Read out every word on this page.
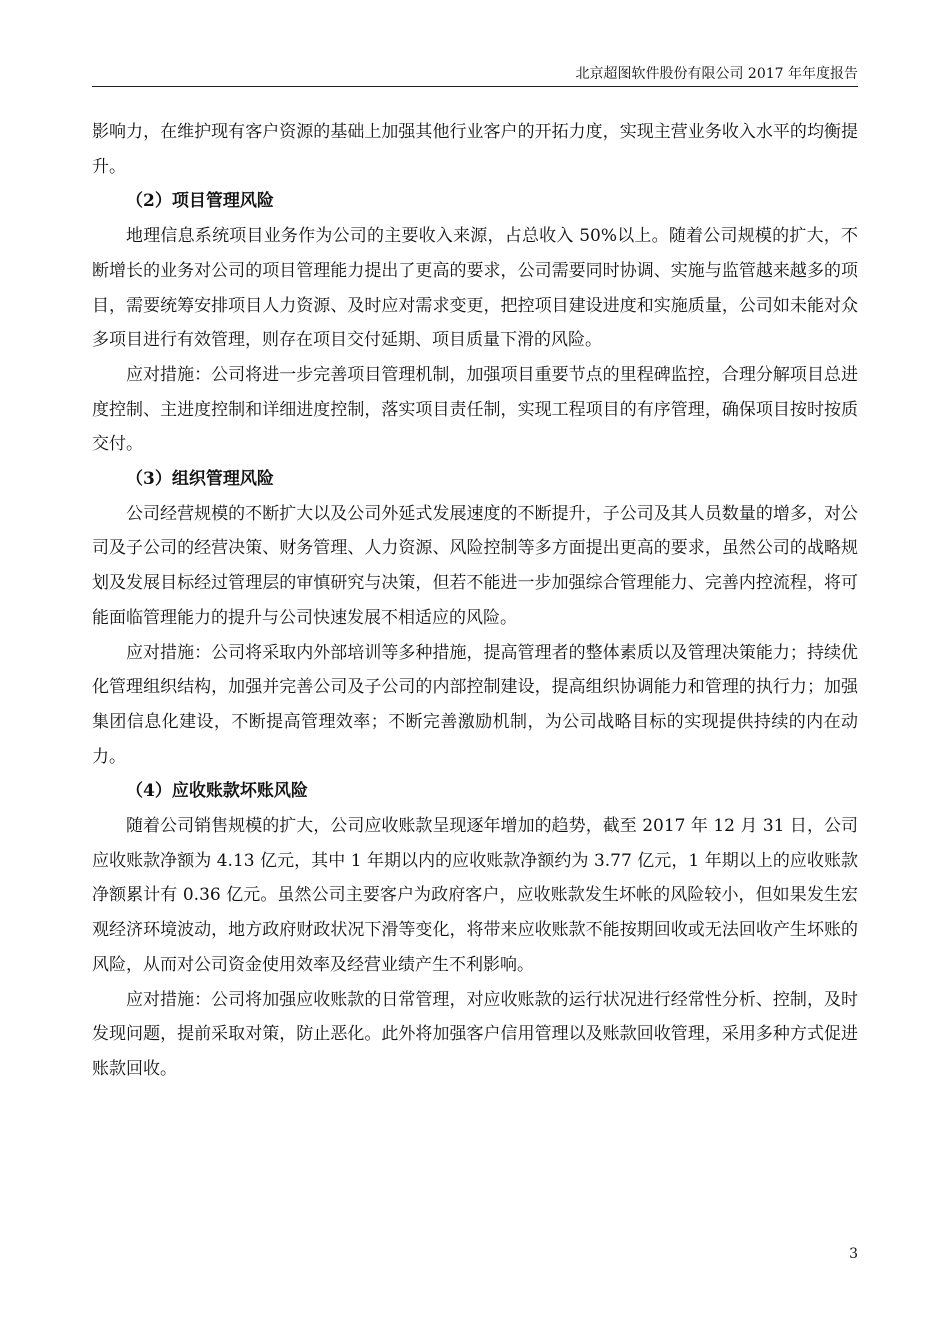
北京超图软件股份有限公司 2017 年年度报告

影响力，在维护现有客户资源的基础上加强其他行业客户的开拓力度，实现主营业务收入水平的均衡提升。

（2）项目管理风险

地理信息系统项目业务作为公司的主要收入来源，占总收入 50%以上。随着公司规模的扩大，不断增长的业务对公司的项目管理能力提出了更高的要求，公司需要同时协调、实施与监管越来越多的项目，需要统筹安排项目人力资源、及时应对需求变更，把控项目建设进度和实施质量，公司如未能对众多项目进行有效管理，则存在项目交付延期、项目质量下滑的风险。

应对措施：公司将进一步完善项目管理机制，加强项目重要节点的里程碑监控，合理分解项目总进度控制、主进度控制和详细进度控制，落实项目责任制，实现工程项目的有序管理，确保项目按时按质交付。

（3）组织管理风险

公司经营规模的不断扩大以及公司外延式发展速度的不断提升，子公司及其人员数量的增多，对公司及子公司的经营决策、财务管理、人力资源、风险控制等多方面提出更高的要求，虽然公司的战略规划及发展目标经过管理层的审慎研究与决策，但若不能进一步加强综合管理能力、完善内控流程，将可能面临管理能力的提升与公司快速发展不相适应的风险。

应对措施：公司将采取内外部培训等多种措施，提高管理者的整体素质以及管理决策能力；持续优化管理组织结构，加强并完善公司及子公司的内部控制建设，提高组织协调能力和管理的执行力；加强集团信息化建设，不断提高管理效率；不断完善激励机制，为公司战略目标的实现提供持续的内在动力。

（4）应收账款坏账风险

随着公司销售规模的扩大，公司应收账款呈现逐年增加的趋势，截至 2017 年 12 月 31 日，公司应收账款净额为 4.13 亿元，其中 1 年期以内的应收账款净额约为 3.77 亿元，1 年期以上的应收账款净额累计有 0.36 亿元。虽然公司主要客户为政府客户，应收账款发生坏帐的风险较小，但如果发生宏观经济环境波动，地方政府财政状况下滑等变化，将带来应收账款不能按期回收或无法回收产生坏账的风险，从而对公司资金使用效率及经营业绩产生不利影响。

应对措施：公司将加强应收账款的日常管理，对应收账款的运行状况进行经常性分析、控制，及时发现问题，提前采取对策，防止恶化。此外将加强客户信用管理以及账款回收管理，采用多种方式促进账款回收。

3
